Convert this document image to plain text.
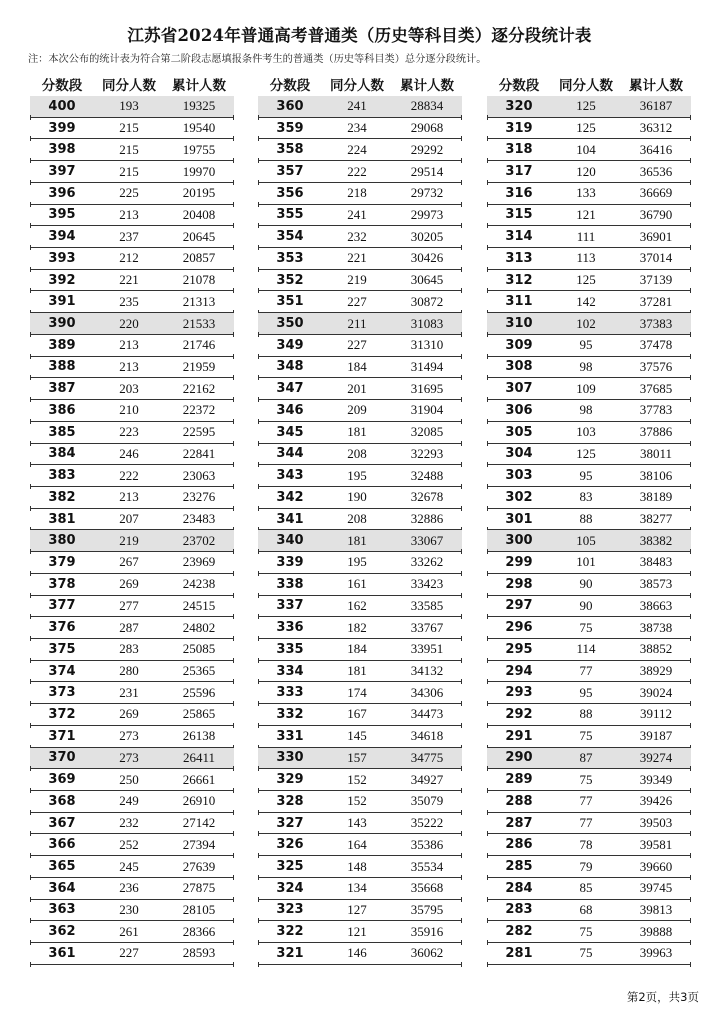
江苏省2024年普通高考普通类（历史等科目类）逐分段统计表
注：本次公布的统计表为符合第二阶段志愿填报条件考生的普通类（历史等科目类）总分逐分段统计。
分数段	同分人数	累计人数
400	193	19325
399	215	19540
398	215	19755
397	215	19970
396	225	20195
395	213	20408
394	237	20645
393	212	20857
392	221	21078
391	235	21313
390	220	21533
389	213	21746
388	213	21959
387	203	22162
386	210	22372
385	223	22595
384	246	22841
383	222	23063
382	213	23276
381	207	23483
380	219	23702
379	267	23969
378	269	24238
377	277	24515
376	287	24802
375	283	25085
374	280	25365
373	231	25596
372	269	25865
371	273	26138
370	273	26411
369	250	26661
368	249	26910
367	232	27142
366	252	27394
365	245	27639
364	236	27875
363	230	28105
362	261	28366
361	227	28593
分数段	同分人数	累计人数
360	241	28834
359	234	29068
358	224	29292
357	222	29514
356	218	29732
355	241	29973
354	232	30205
353	221	30426
352	219	30645
351	227	30872
350	211	31083
349	227	31310
348	184	31494
347	201	31695
346	209	31904
345	181	32085
344	208	32293
343	195	32488
342	190	32678
341	208	32886
340	181	33067
339	195	33262
338	161	33423
337	162	33585
336	182	33767
335	184	33951
334	181	34132
333	174	34306
332	167	34473
331	145	34618
330	157	34775
329	152	34927
328	152	35079
327	143	35222
326	164	35386
325	148	35534
324	134	35668
323	127	35795
322	121	35916
321	146	36062
分数段	同分人数	累计人数
320	125	36187
319	125	36312
318	104	36416
317	120	36536
316	133	36669
315	121	36790
314	111	36901
313	113	37014
312	125	37139
311	142	37281
310	102	37383
309	95	37478
308	98	37576
307	109	37685
306	98	37783
305	103	37886
304	125	38011
303	95	38106
302	83	38189
301	88	38277
300	105	38382
299	101	38483
298	90	38573
297	90	38663
296	75	38738
295	114	38852
294	77	38929
293	95	39024
292	88	39112
291	75	39187
290	87	39274
289	75	39349
288	77	39426
287	77	39503
286	78	39581
285	79	39660
284	85	39745
283	68	39813
282	75	39888
281	75	39963
第2页，共3页
